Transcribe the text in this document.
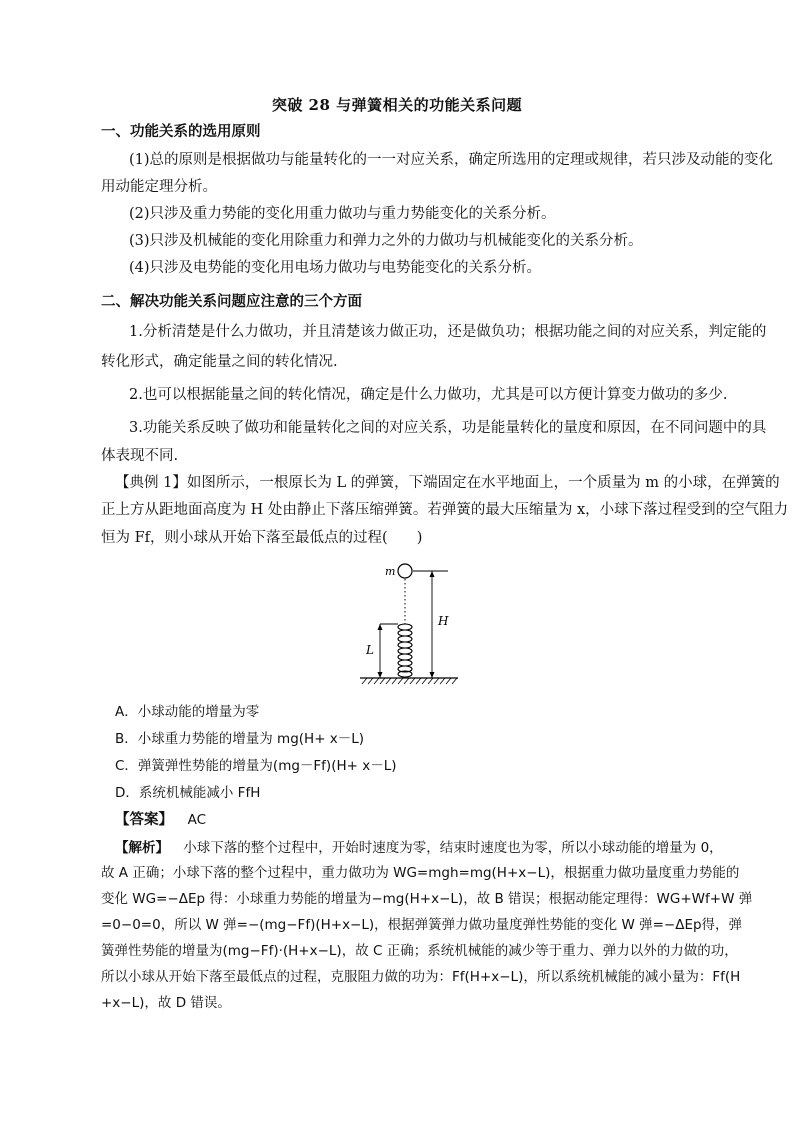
突破 28 与弹簧相关的功能关系问题
一、功能关系的选用原则
(1)总的原则是根据做功与能量转化的一一对应关系，确定所选用的定理或规律，若只涉及动能的变化
用动能定理分析。
(2)只涉及重力势能的变化用重力做功与重力势能变化的关系分析。
(3)只涉及机械能的变化用除重力和弹力之外的力做功与机械能变化的关系分析。
(4)只涉及电势能的变化用电场力做功与电势能变化的关系分析。
二、解决功能关系问题应注意的三个方面
1.分析清楚是什么力做功，并且清楚该力做正功，还是做负功；根据功能之间的对应关系，判定能的
转化形式，确定能量之间的转化情况.
2.也可以根据能量之间的转化情况，确定是什么力做功，尤其是可以方便计算变力做功的多少.
3.功能关系反映了做功和能量转化之间的对应关系，功是能量转化的量度和原因，在不同问题中的具
体表现不同.
【典例 1】如图所示，一根原长为 L 的弹簧，下端固定在水平地面上，一个质量为 m 的小球，在弹簧的
正上方从距地面高度为 H 处由静止下落压缩弹簧。若弹簧的最大压缩量为 x，小球下落过程受到的空气阻力
恒为 Ff，则小球从开始下落至最低点的过程(　　)
m
H
L
A．小球动能的增量为零
B．小球重力势能的增量为 mg(H+ x－L)
C．弹簧弹性势能的增量为(mg－Ff)(H+ x－L)
D．系统机械能减小 FfH
【答案】 AC
【解析】 小球下落的整个过程中，开始时速度为零，结束时速度也为零，所以小球动能的增量为 0，
故 A 正确；小球下落的整个过程中，重力做功为 WG=mgh=mg(H+x−L)，根据重力做功量度重力势能的
变化 WG=−ΔEp 得：小球重力势能的增量为−mg(H+x−L)，故 B 错误；根据动能定理得：WG+Wf+W 弹
=0−0=0，所以 W 弹=−(mg−Ff)(H+x−L)，根据弹簧弹力做功量度弹性势能的变化 W 弹=−ΔEp得，弹
簧弹性势能的增量为(mg−Ff)·(H+x−L)，故 C 正确；系统机械能的减少等于重力、弹力以外的力做的功，
所以小球从开始下落至最低点的过程，克服阻力做的功为：Ff(H+x−L)，所以系统机械能的减小量为：Ff(H
+x−L)，故 D 错误。
